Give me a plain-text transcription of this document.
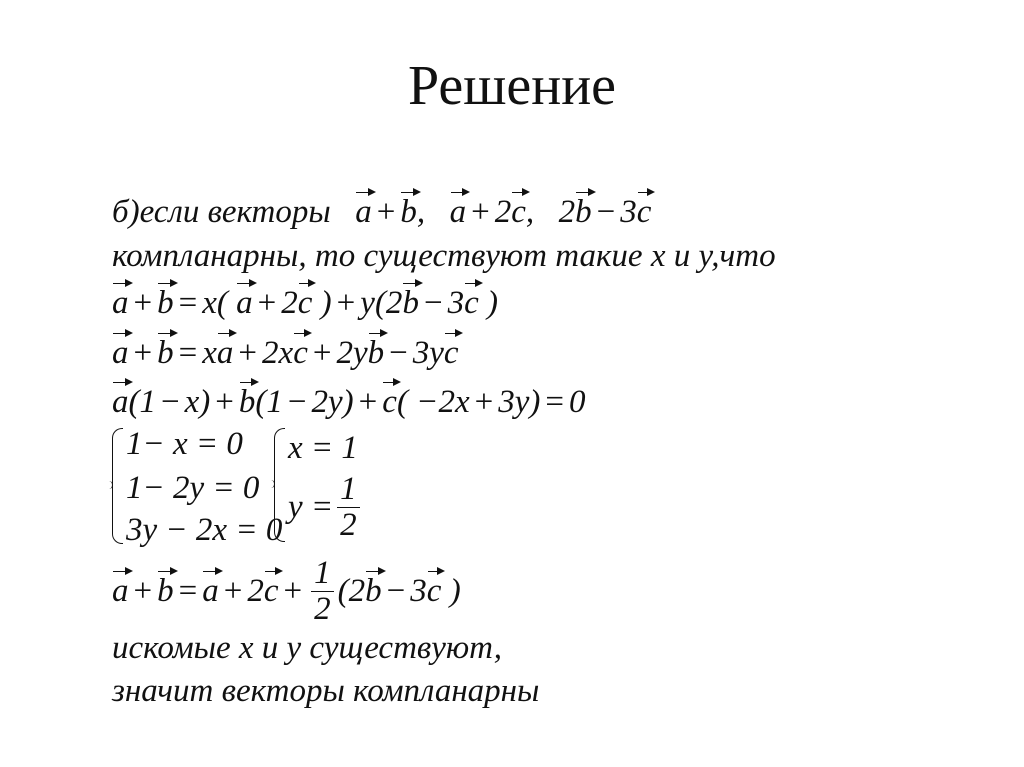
Решение
б)если векторы a + b, a + 2c, 2b − 3c
компланарны, то существуют такие x и y,что
a + b = x( a + 2c ) + y(2b − 3c )
a + b = xa + 2xc + 2yb − 3yc
a(1 − x) + b(1 − 2y) + c( −2x + 3y) = 0
1− x = 0
1− 2y = 0
3y − 2x = 0
x = 1
$y = \frac{1}{2}$
$a + b = a + 2c + \frac{1}{2} (2b - 3c$ )
искомые x и y существуют,
значит векторы компланарны
